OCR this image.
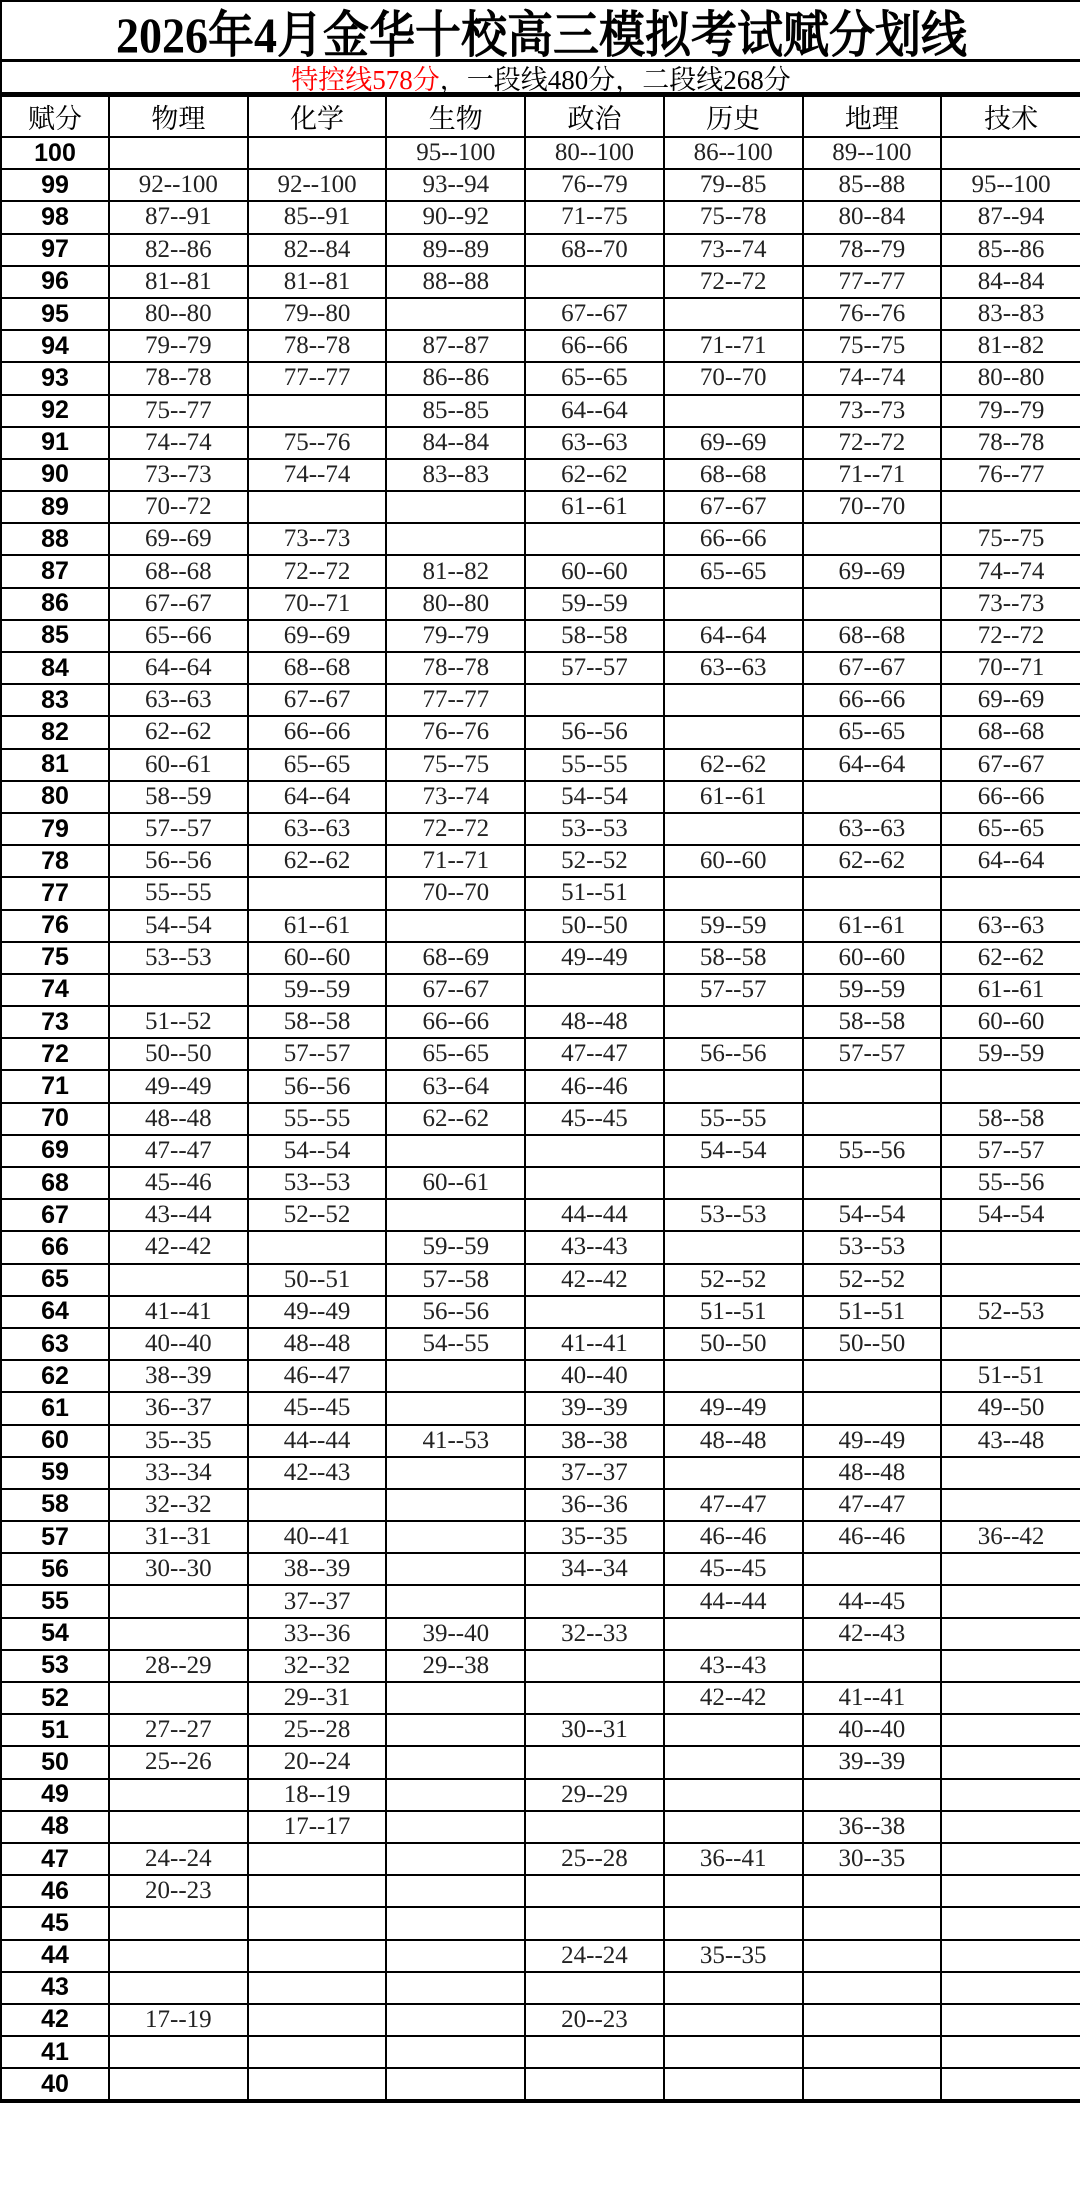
2026年4月金华十校高三模拟考试赋分划线
特控线578分 ，一段线480分，二段线268分
赋分	物理	化学	生物	政治	历史	地理	技术
100			95--100	80--100	86--100	89--100	
99	92--100	92--100	93--94	76--79	79--85	85--88	95--100
98	87--91	85--91	90--92	71--75	75--78	80--84	87--94
97	82--86	82--84	89--89	68--70	73--74	78--79	85--86
96	81--81	81--81	88--88		72--72	77--77	84--84
95	80--80	79--80		67--67		76--76	83--83
94	79--79	78--78	87--87	66--66	71--71	75--75	81--82
93	78--78	77--77	86--86	65--65	70--70	74--74	80--80
92	75--77		85--85	64--64		73--73	79--79
91	74--74	75--76	84--84	63--63	69--69	72--72	78--78
90	73--73	74--74	83--83	62--62	68--68	71--71	76--77
89	70--72			61--61	67--67	70--70	
88	69--69	73--73			66--66		75--75
87	68--68	72--72	81--82	60--60	65--65	69--69	74--74
86	67--67	70--71	80--80	59--59			73--73
85	65--66	69--69	79--79	58--58	64--64	68--68	72--72
84	64--64	68--68	78--78	57--57	63--63	67--67	70--71
83	63--63	67--67	77--77			66--66	69--69
82	62--62	66--66	76--76	56--56		65--65	68--68
81	60--61	65--65	75--75	55--55	62--62	64--64	67--67
80	58--59	64--64	73--74	54--54	61--61		66--66
79	57--57	63--63	72--72	53--53		63--63	65--65
78	56--56	62--62	71--71	52--52	60--60	62--62	64--64
77	55--55		70--70	51--51			
76	54--54	61--61		50--50	59--59	61--61	63--63
75	53--53	60--60	68--69	49--49	58--58	60--60	62--62
74		59--59	67--67		57--57	59--59	61--61
73	51--52	58--58	66--66	48--48		58--58	60--60
72	50--50	57--57	65--65	47--47	56--56	57--57	59--59
71	49--49	56--56	63--64	46--46			
70	48--48	55--55	62--62	45--45	55--55		58--58
69	47--47	54--54			54--54	55--56	57--57
68	45--46	53--53	60--61				55--56
67	43--44	52--52		44--44	53--53	54--54	54--54
66	42--42		59--59	43--43		53--53	
65		50--51	57--58	42--42	52--52	52--52	
64	41--41	49--49	56--56		51--51	51--51	52--53
63	40--40	48--48	54--55	41--41	50--50	50--50	
62	38--39	46--47		40--40			51--51
61	36--37	45--45		39--39	49--49		49--50
60	35--35	44--44	41--53	38--38	48--48	49--49	43--48
59	33--34	42--43		37--37		48--48	
58	32--32			36--36	47--47	47--47	
57	31--31	40--41		35--35	46--46	46--46	36--42
56	30--30	38--39		34--34	45--45		
55		37--37			44--44	44--45	
54		33--36	39--40	32--33		42--43	
53	28--29	32--32	29--38		43--43		
52		29--31			42--42	41--41	
51	27--27	25--28		30--31		40--40	
50	25--26	20--24				39--39	
49		18--19		29--29			
48		17--17				36--38	
47	24--24			25--28	36--41	30--35	
46	20--23						
45							
44				24--24	35--35		
43							
42	17--19			20--23			
41							
40							
